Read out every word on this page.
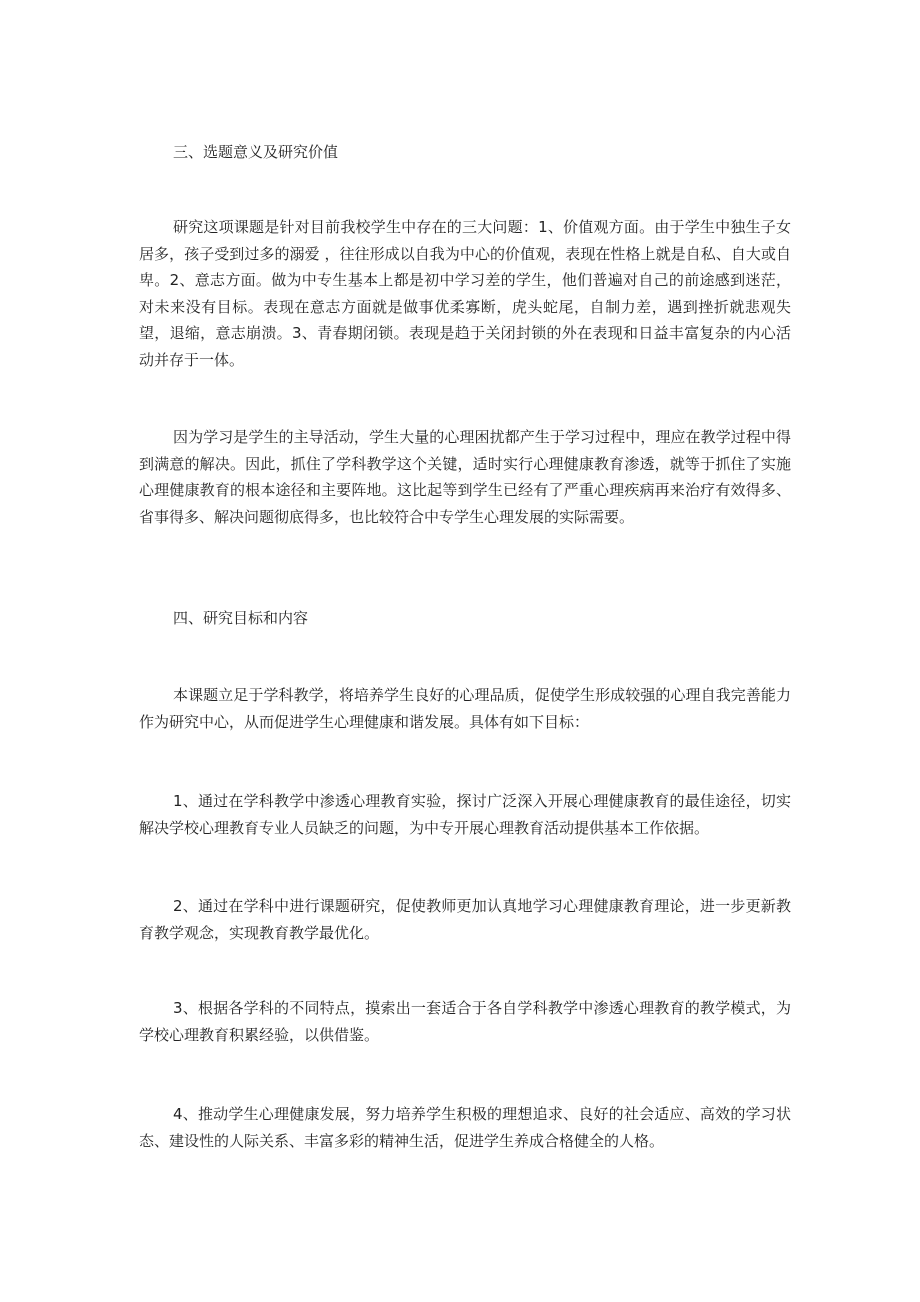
三、选题意义及研究价值

研究这项课题是针对目前我校学生中存在的三大问题：1、价值观方面。由于学生中独生子女居多，孩子受到过多的溺爱 ，往往形成以自我为中心的价值观，表现在性格上就是自私、自大或自卑。2、意志方面。做为中专生基本上都是初中学习差的学生，他们普遍对自己的前途感到迷茫，对未来没有目标。表现在意志方面就是做事优柔寡断，虎头蛇尾，自制力差，遇到挫折就悲观失望，退缩，意志崩溃。3、青春期闭锁。表现是趋于关闭封锁的外在表现和日益丰富复杂的内心活动并存于一体。

因为学习是学生的主导活动，学生大量的心理困扰都产生于学习过程中，理应在教学过程中得到满意的解决。因此，抓住了学科教学这个关键，适时实行心理健康教育渗透，就等于抓住了实施心理健康教育的根本途径和主要阵地。这比起等到学生已经有了严重心理疾病再来治疗有效得多、省事得多、解决问题彻底得多，也比较符合中专学生心理发展的实际需要。

四、研究目标和内容

本课题立足于学科教学，将培养学生良好的心理品质，促使学生形成较强的心理自我完善能力作为研究中心，从而促进学生心理健康和谐发展。具体有如下目标：

1、通过在学科教学中渗透心理教育实验，探讨广泛深入开展心理健康教育的最佳途径，切实解决学校心理教育专业人员缺乏的问题，为中专开展心理教育活动提供基本工作依据。

2、通过在学科中进行课题研究，促使教师更加认真地学习心理健康教育理论，进一步更新教育教学观念，实现教育教学最优化。

3、根据各学科的不同特点，摸索出一套适合于各自学科教学中渗透心理教育的教学模式，为学校心理教育积累经验，以供借鉴。

4、推动学生心理健康发展，努力培养学生积极的理想追求、良好的社会适应、高效的学习状态、建设性的人际关系、丰富多彩的精神生活，促进学生养成合格健全的人格。
